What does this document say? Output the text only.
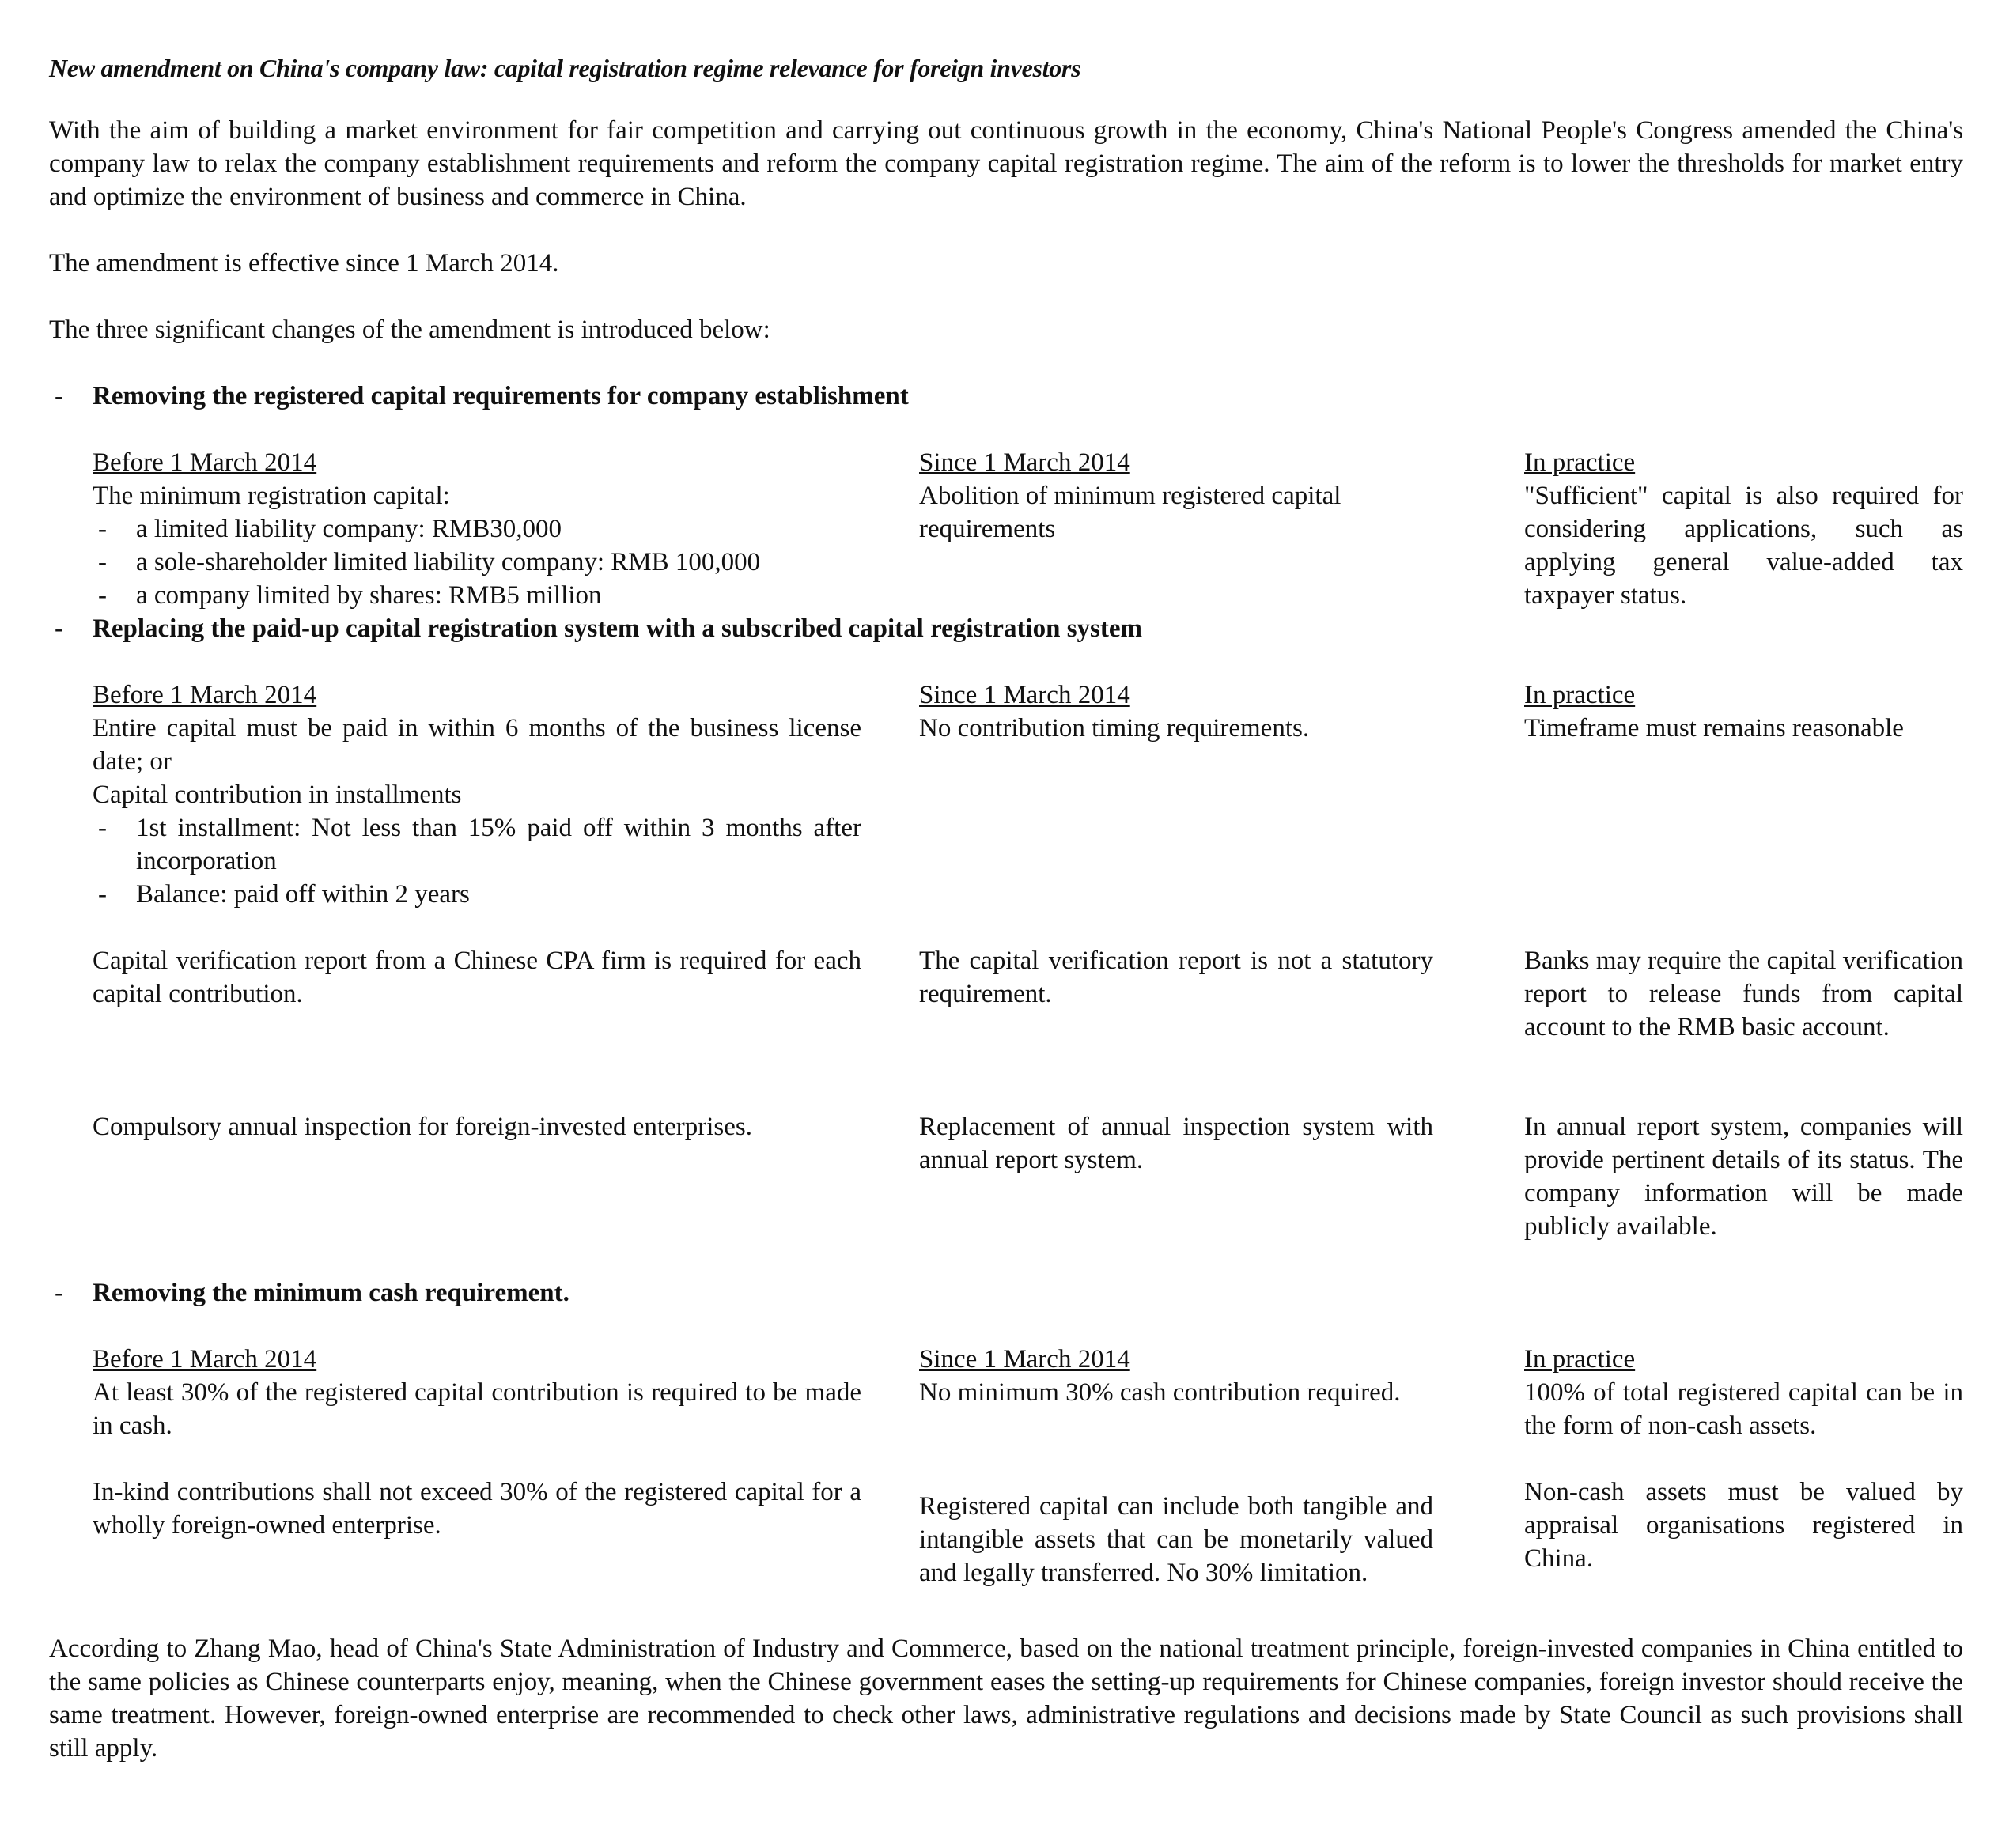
New amendment on China's company law: capital registration regime relevance for foreign investors

With the aim of building a market environment for fair competition and carrying out continuous growth in the economy, China's National People's Congress amended the China's company law to relax the company establishment requirements and reform the company capital registration regime. The aim of the reform is to lower the thresholds for market entry and optimize the environment of business and commerce in China.

The amendment is effective since 1 March 2014.

The three significant changes of the amendment is introduced below:

- Removing the registered capital requirements for company establishment
Before 1 March 2014
The minimum registration capital:
- a limited liability company: RMB30,000
- a sole-shareholder limited liability company: RMB 100,000
- a company limited by shares: RMB5 million
Since 1 March 2014

Abolition of minimum registered capital requirements

In practice

"Sufficient" capital is also required for considering applications, such as applying general value-added tax taxpayer status.

- Replacing the paid-up capital registration system with a subscribed capital registration system
Before 1 March 2014

Entire capital must be paid in within 6 months of the business license date; or

Capital contribution in installments
- 1st installment: Not less than 15% paid off within 3 months after incorporation
- Balance: paid off within 2 years
Since 1 March 2014

No contribution timing requirements.

In practice

Timeframe must remains reasonable

Capital verification report from a Chinese CPA firm is required for each capital contribution.

The capital verification report is not a statutory requirement.

Banks may require the capital verification report to release funds from capital account to the RMB basic account.

Compulsory annual inspection for foreign-invested enterprises.	Replacement of annual inspection system with annual report system.

In annual report system, companies will provide pertinent details of its status. The company information will be made publicly available.

- Removing the minimum cash requirement.
Before 1 March 2014

At least 30% of the registered capital contribution is required to be made in cash.

Since 1 March 2014

No minimum 30% cash contribution required.

In practice

100% of total registered capital can be in the form of non-cash assets.

In-kind contributions shall not exceed 30% of the registered capital for a wholly foreign-owned enterprise.

Registered capital can include both tangible and intangible assets that can be monetarily valued and legally transferred. No 30% limitation.

Non-cash assets must be valued by appraisal organisations registered in China.

According to Zhang Mao, head of China's State Administration of Industry and Commerce, based on the national treatment principle, foreign-invested companies in China entitled to the same policies as Chinese counterparts enjoy, meaning, when the Chinese government eases the setting-up requirements for Chinese companies, foreign investor should receive the same treatment. However, foreign-owned enterprise are recommended to check other laws, administrative regulations and decisions made by State Council as such provisions shall still apply.
